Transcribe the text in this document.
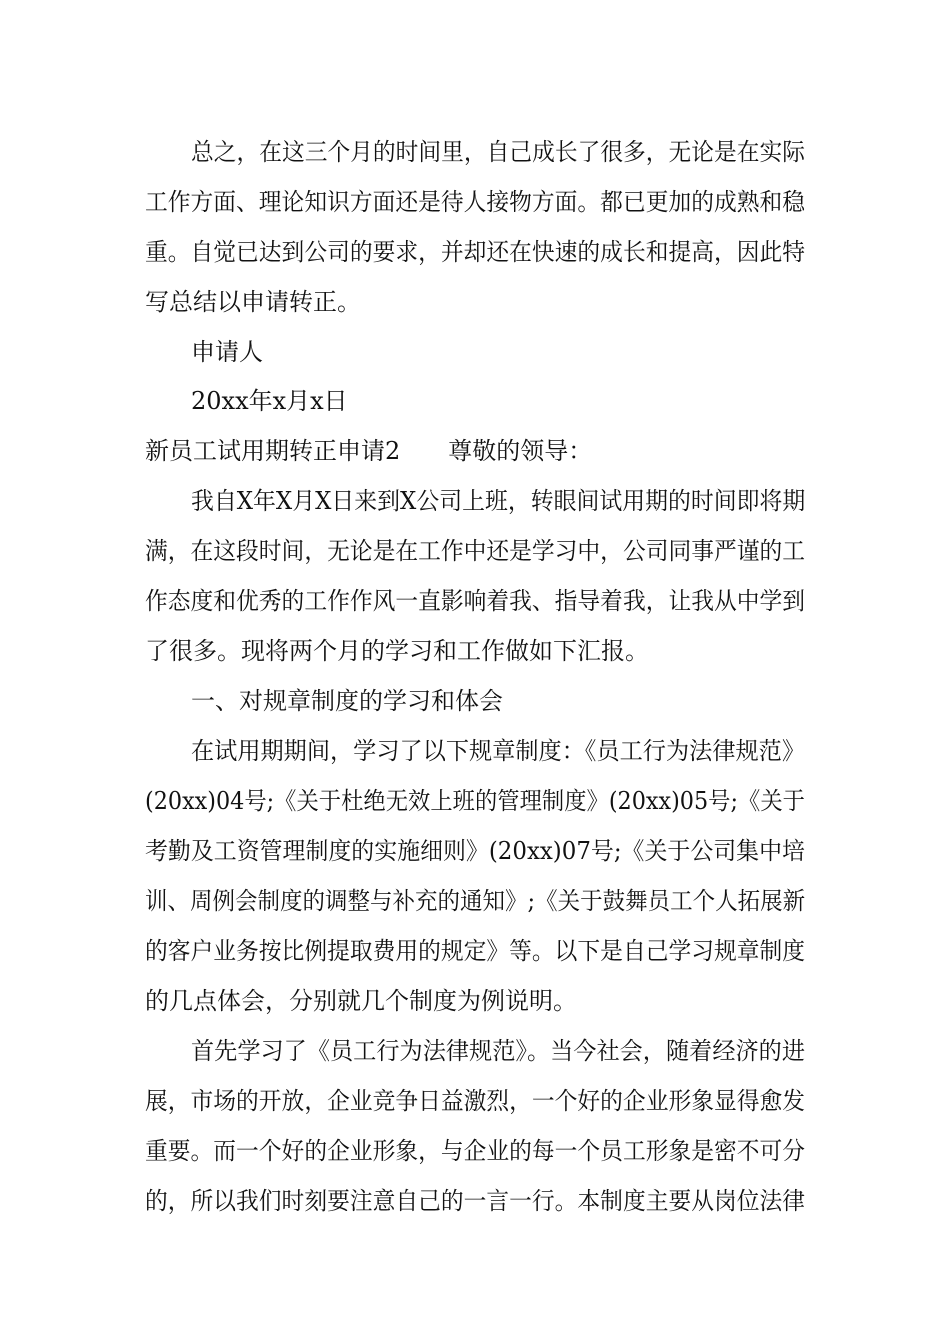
总之，在这三个月的时间里，自己成长了很多，无论是在实际
工作方面、理论知识方面还是待人接物方面。都已更加的成熟和稳
重。自觉已达到公司的要求，并却还在快速的成长和提高，因此特
写总结以申请转正。
申请人
20xx年x月x日
新员工试用期转正申请2　　尊敬的领导：
我自X年X月X日来到X公司上班，转眼间试用期的时间即将期
满，在这段时间，无论是在工作中还是学习中，公司同事严谨的工
作态度和优秀的工作作风一直影响着我、指导着我，让我从中学到
了很多。现将两个月的学习和工作做如下汇报。
一、对规章制度的学习和体会
在试用期期间，学习了以下规章制度：《员工行为法律规范》
(20xx)04号;《关于杜绝无效上班的管理制度》(20xx)05号;《关于
考勤及工资管理制度的实施细则》(20xx)07号;《关于公司集中培
训、周例会制度的调整与补充的通知》;《关于鼓舞员工个人拓展新
的客户业务按比例提取费用的规定》等。以下是自己学习规章制度
的几点体会，分别就几个制度为例说明。
首先学习了《员工行为法律规范》。当今社会，随着经济的进
展，市场的开放，企业竞争日益激烈，一个好的企业形象显得愈发
重要。而一个好的企业形象，与企业的每一个员工形象是密不可分
的，所以我们时刻要注意自己的一言一行。本制度主要从岗位法律
